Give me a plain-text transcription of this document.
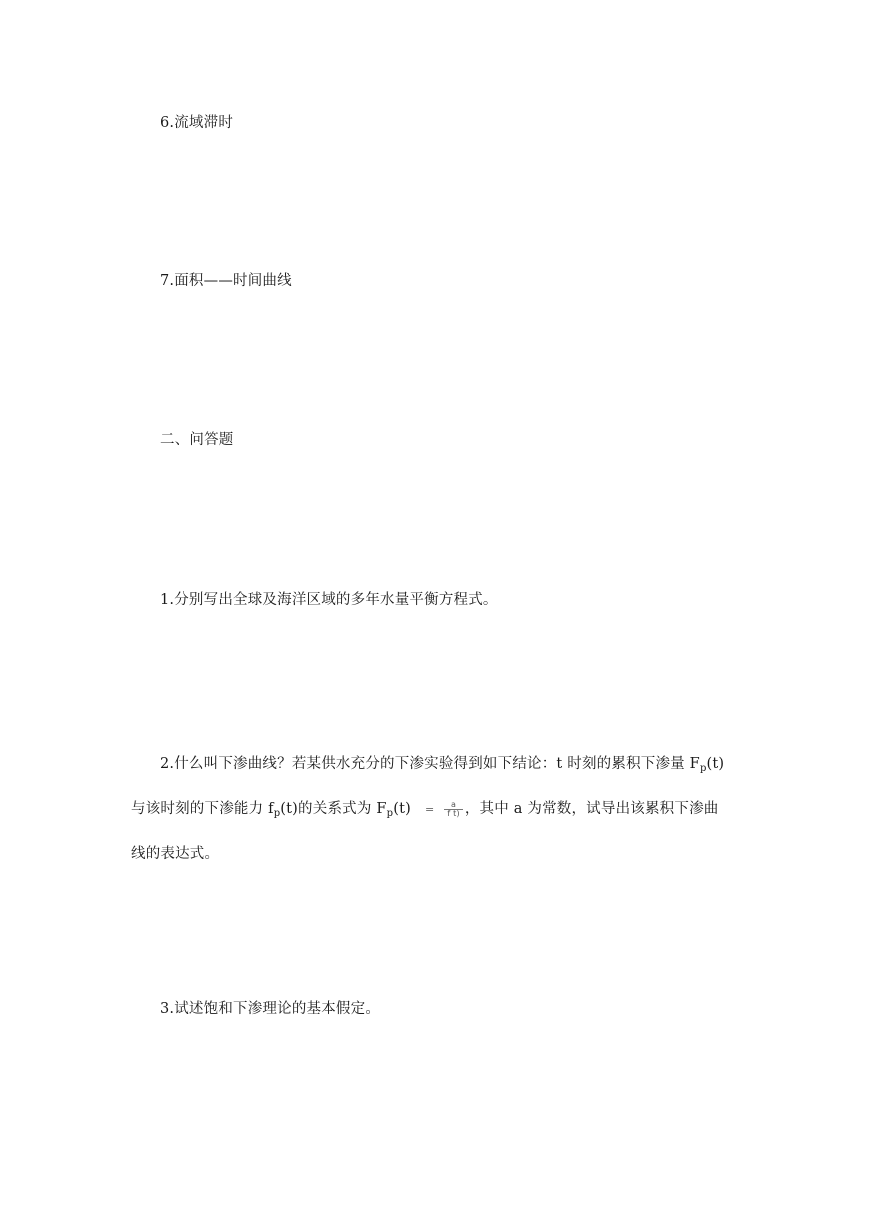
6.流域滞时
7.面积——时间曲线
二、问答题
1.分别写出全球及海洋区域的多年水量平衡方程式。
2.什么叫下渗曲线？若某供水充分的下渗实验得到如下结论：t 时刻的累积下渗量 $F_p(t)$
与该时刻的下渗能力 $f_p(t)$的关系式为 $F_p(t) = \frac{a}{\text{f t)}}$ ，其中 a 为常数，试导出该累积下渗曲
线的表达式。
3.试述饱和下渗理论的基本假定。
